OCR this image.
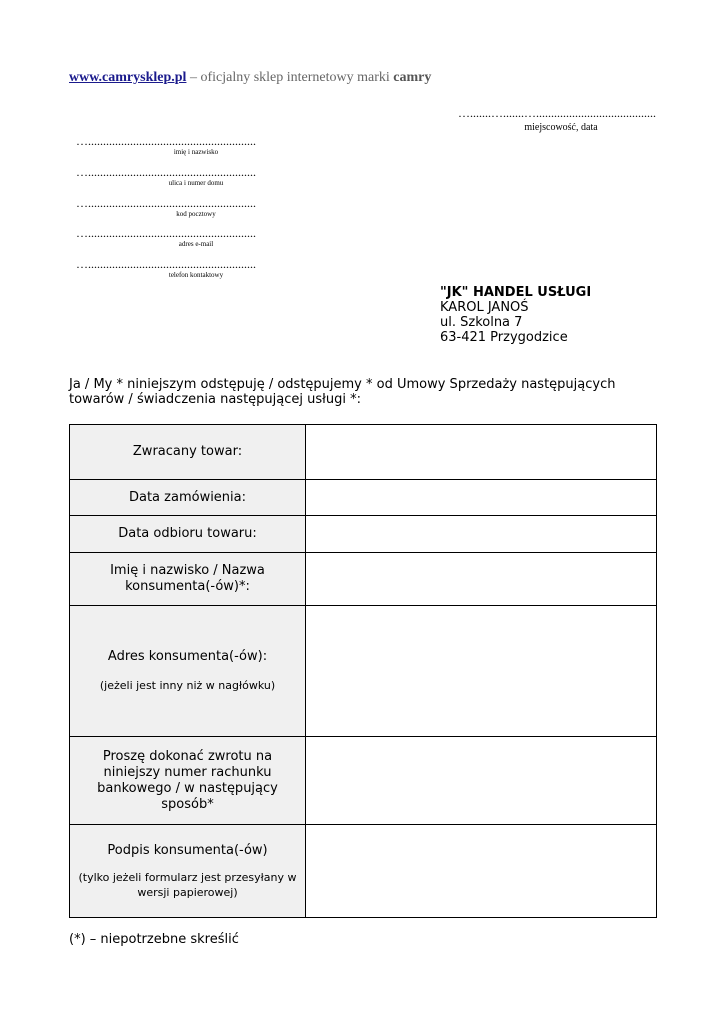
www.camrysklep.pl – oficjalny sklep internetowy marki camry
….......….......…........................................
miejscowość, data
…........................................................
imię i nazwisko
…........................................................
ulica i numer domu
…........................................................
kod pocztowy
…........................................................
adres e-mail
…........................................................
telefon kontaktowy
"JK" HANDEL USŁUGI
KAROL JANOŚ
ul. Szkolna 7
63-421 Przygodzice
Ja / My * niniejszym odstępuję / odstępujemy * od Umowy Sprzedaży następujących towarów / świadczenia następującej usługi *:
Zwracany towar:	
Data zamówienia:	
Data odbioru towaru:	
Imię i nazwisko / Nazwa konsumenta(-ów)*:	

Adres konsumenta(-ów):
(jeżeli jest inny niż w nagłówku)	

Proszę dokonać zwrotu na niniejszy numer rachunku bankowego / w następujący sposób*	

Podpis konsumenta(-ów)
(tylko jeżeli formularz jest przesyłany w wersji papierowej)	

(*) – niepotrzebne skreślić
